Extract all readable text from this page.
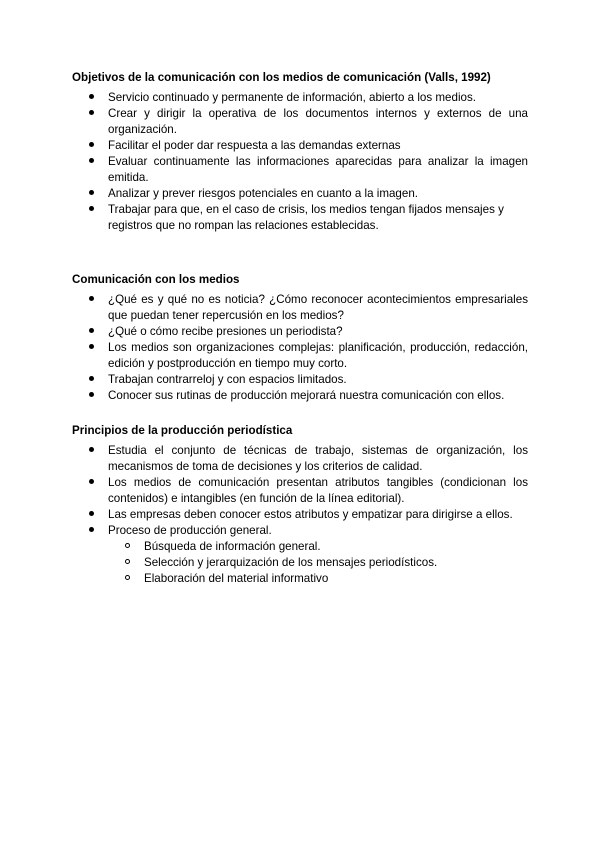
Objetivos de la comunicación con los medios de comunicación (Valls, 1992)
Servicio continuado y permanente de información, abierto a los medios.
Crear y dirigir la operativa de los documentos internos y externos de una organización.
Facilitar el poder dar respuesta a las demandas externas
Evaluar continuamente las informaciones aparecidas para analizar la imagen emitida.
Analizar y prever riesgos potenciales en cuanto a la imagen.
Trabajar para que, en el caso de crisis, los medios tengan fijados mensajes y registros que no rompan las relaciones establecidas.
Comunicación con los medios
¿Qué es y qué no es noticia? ¿Cómo reconocer acontecimientos empresariales que puedan tener repercusión en los medios?
¿Qué o cómo recibe presiones un periodista?
Los medios son organizaciones complejas: planificación, producción, redacción, edición y postproducción en tiempo muy corto.
Trabajan contrarreloj y con espacios limitados.
Conocer sus rutinas de producción mejorará nuestra comunicación con ellos.
Principios de la producción periodística
Estudia el conjunto de técnicas de trabajo, sistemas de organización, los mecanismos de toma de decisiones y los criterios de calidad.
Los medios de comunicación presentan atributos tangibles (condicionan los contenidos) e intangibles (en función de la línea editorial).
Las empresas deben conocer estos atributos y empatizar para dirigirse a ellos.
Proceso de producción general.
Búsqueda de información general.
Selección y jerarquización de los mensajes periodísticos.
Elaboración del material informativo
